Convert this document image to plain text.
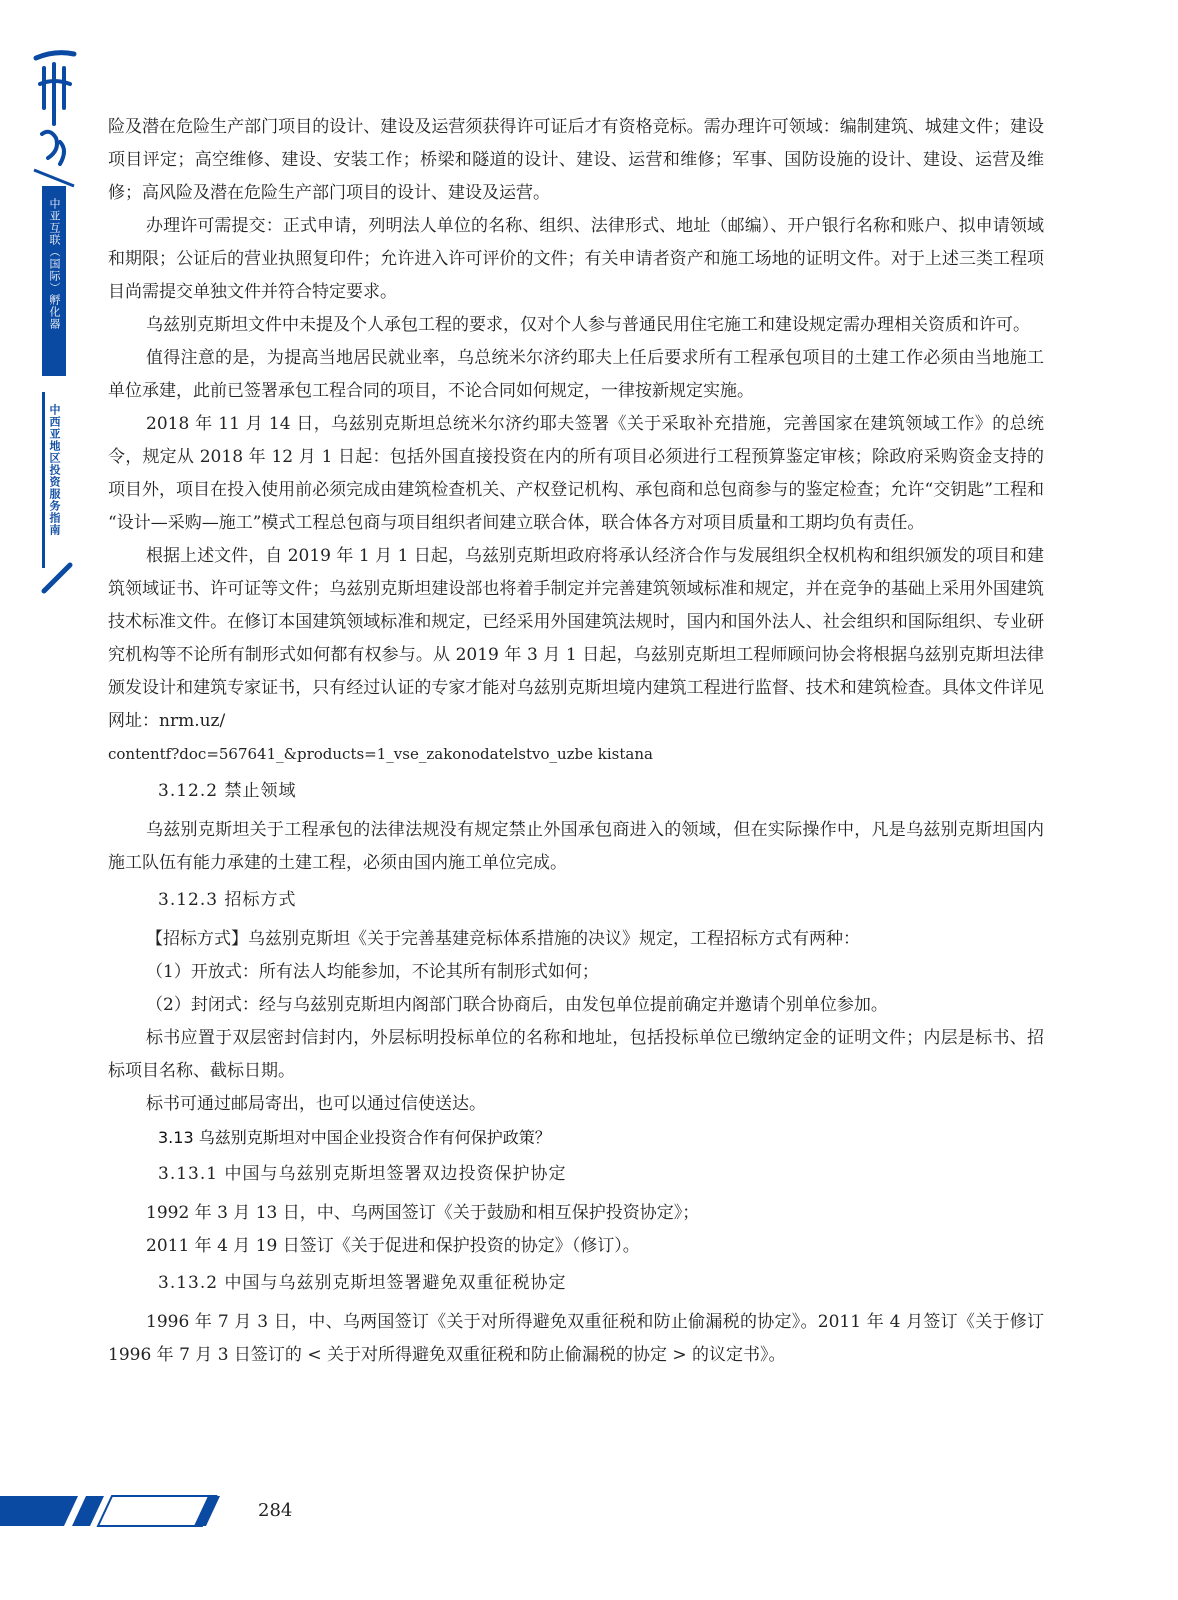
中亚互联（国际）孵化器
中西亚地区投资服务指南

险及潜在危险生产部门项目的设计、建设及运营须获得许可证后才有资格竞标。需办理许可领域：编制建筑、城建文件；建设项目评定；高空维修、建设、安装工作；桥梁和隧道的设计、建设、运营和维修；军事、国防设施的设计、建设、运营及维修；高风险及潜在危险生产部门项目的设计、建设及运营。

办理许可需提交：正式申请，列明法人单位的名称、组织、法律形式、地址（邮编）、开户银行名称和账户、拟申请领域和期限；公证后的营业执照复印件；允许进入许可评价的文件；有关申请者资产和施工场地的证明文件。对于上述三类工程项目尚需提交单独文件并符合特定要求。

乌兹别克斯坦文件中未提及个人承包工程的要求，仅对个人参与普通民用住宅施工和建设规定需办理相关资质和许可。

值得注意的是，为提高当地居民就业率，乌总统米尔济约耶夫上任后要求所有工程承包项目的土建工作必须由当地施工单位承建，此前已签署承包工程合同的项目，不论合同如何规定，一律按新规定实施。

2018 年 11 月 14 日，乌兹别克斯坦总统米尔济约耶夫签署《关于采取补充措施，完善国家在建筑领域工作》的总统令，规定从 2018 年 12 月 1 日起：包括外国直接投资在内的所有项目必须进行工程预算鉴定审核；除政府采购资金支持的项目外，项目在投入使用前必须完成由建筑检查机关、产权登记机构、承包商和总包商参与的鉴定检查；允许“交钥匙”工程和 “设计—采购—施工”模式工程总包商与项目组织者间建立联合体，联合体各方对项目质量和工期均负有责任。

根据上述文件，自 2019 年 1 月 1 日起，乌兹别克斯坦政府将承认经济合作与发展组织全权机构和组织颁发的项目和建筑领域证书、许可证等文件；乌兹别克斯坦建设部也将着手制定并完善建筑领域标准和规定，并在竞争的基础上采用外国建筑技术标准文件。在修订本国建筑领域标准和规定，已经采用外国建筑法规时，国内和国外法人、社会组织和国际组织、专业研究机构等不论所有制形式如何都有权参与。从 2019 年 3 月 1 日起，乌兹别克斯坦工程师顾问协会将根据乌兹别克斯坦法律颁发设计和建筑专家证书，只有经过认证的专家才能对乌兹别克斯坦境内建筑工程进行监督、技术和建筑检查。具体文件详见网址：nrm.uz/

contentf?doc=567641_&products=1_vse_zakonodatelstvo_uzbe kistana

3.12.2 禁止领域

乌兹别克斯坦关于工程承包的法律法规没有规定禁止外国承包商进入的领域，但在实际操作中，凡是乌兹别克斯坦国内施工队伍有能力承建的土建工程，必须由国内施工单位完成。

3.12.3 招标方式

【招标方式】乌兹别克斯坦《关于完善基建竞标体系措施的决议》规定，工程招标方式有两种：

（1）开放式：所有法人均能参加，不论其所有制形式如何；

（2）封闭式：经与乌兹别克斯坦内阁部门联合协商后，由发包单位提前确定并邀请个别单位参加。

标书应置于双层密封信封内，外层标明投标单位的名称和地址，包括投标单位已缴纳定金的证明文件；内层是标书、招标项目名称、截标日期。

标书可通过邮局寄出，也可以通过信使送达。

3.13 乌兹别克斯坦对中国企业投资合作有何保护政策？

3.13.1 中国与乌兹别克斯坦签署双边投资保护协定

1992 年 3 月 13 日，中、乌两国签订《关于鼓励和相互保护投资协定》；

2011 年 4 月 19 日签订《关于促进和保护投资的协定》（修订）。

3.13.2 中国与乌兹别克斯坦签署避免双重征税协定

1996 年 7 月 3 日，中、乌两国签订《关于对所得避免双重征税和防止偷漏税的协定》。2011 年 4 月签订《关于修订 1996 年 7 月 3 日签订的 < 关于对所得避免双重征税和防止偷漏税的协定 > 的议定书》。

284
